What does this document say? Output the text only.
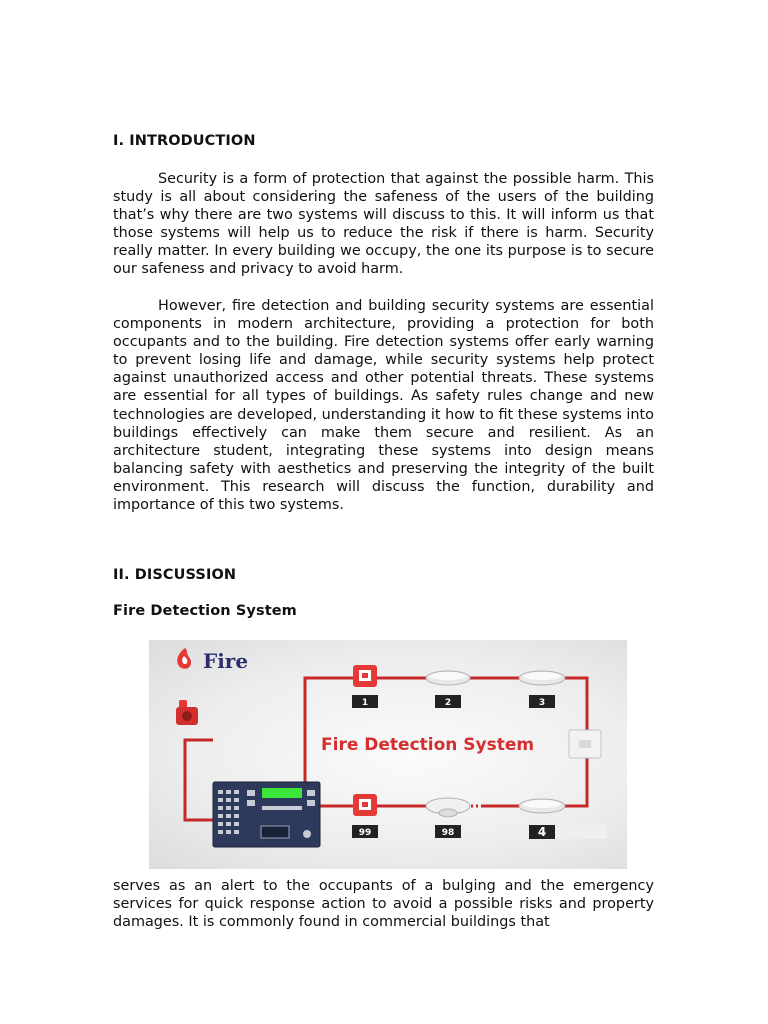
I. INTRODUCTION

Security is a form of protection that against the possible harm. This study is all about considering the safeness of the users of the building that’s why there are two systems will discuss to this. It will inform us that those systems will help us to reduce the risk if there is harm. Security really matter. In every building we occupy, the one its purpose is to secure our safeness and privacy to avoid harm.

However, fire detection and building security systems are essential components in modern architecture, providing a protection for both occupants and to the building. Fire detection systems offer early warning to prevent losing life and damage, while security systems help protect against unauthorized access and other potential threats. These systems are essential for all types of buildings. As safety rules change and new technologies are developed, understanding it how to fit these systems into buildings effectively can make them secure and resilient. As an architecture student, integrating these systems into design means balancing safety with aesthetics and preserving the integrity of the built environment. This research will discuss the function, durability and importance of this two systems.

II. DISCUSSION
Fire Detection System

serves as an alert to the occupants of a bulging and the emergency services for quick response action to avoid a possible risks and property damages. It is commonly found in commercial buildings that

Fire
1	2	3
Fire Detection System
99	98	4
